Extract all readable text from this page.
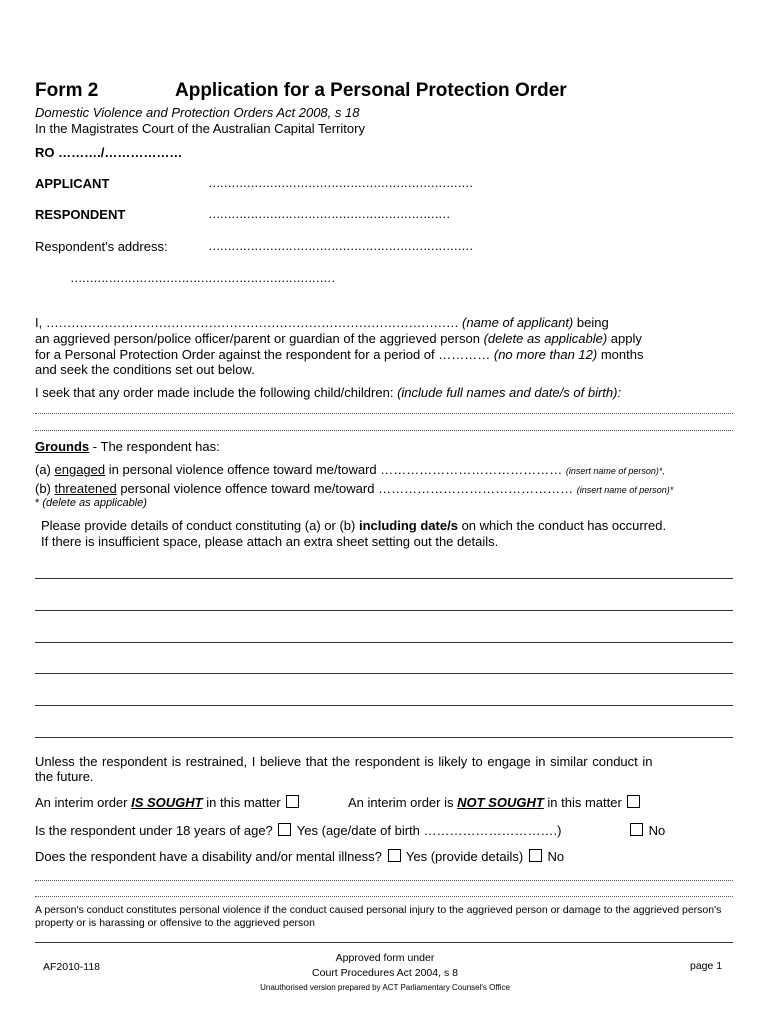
Form 2	Application for a Personal Protection Order
Domestic Violence and Protection Orders Act 2008, s 18
In the Magistrates Court of the Australian Capital Territory
RO ………./………………
APPLICANT	……………………………………………………………
RESPONDENT	………………………………………………………
Respondent's address:	……………………………………………………………
……………………………………………………………
I, ……………………………………………………………………………………… (name of applicant) being
an aggrieved person/police officer/parent or guardian of the aggrieved person (delete as applicable) apply
for a Personal Protection Order against the respondent for a period of ………… (no more than 12) months
and seek the conditions set out below.
I seek that any order made include the following child/children: (include full names and date/s of birth):
Grounds - The respondent has:
(a) engaged in personal violence offence toward me/toward …………………………………… (insert name of person)*,
(b) threatened personal violence offence toward me/toward ……………………………………… (insert name of person)*
* (delete as applicable)
Please provide details of conduct constituting (a) or (b) including date/s on which the conduct has occurred.
If there is insufficient space, please attach an extra sheet setting out the details.
Unless the respondent is restrained, I believe that the respondent is likely to engage in similar conduct in
the future.
An interim order IS SOUGHT in this matter	An interim order is NOT SOUGHT in this matter
Is the respondent under 18 years of age? Yes (age/date of birth ………………………….)	No
Does the respondent have a disability and/or mental illness? Yes (provide details) No
A person's conduct constitutes personal violence if the conduct caused personal injury to the aggrieved person or damage to the aggrieved person's property or is harassing or offensive to the aggrieved person
AF2010-118
Approved form under
Court Procedures Act 2004, s 8
page 1
Unauthorised version prepared by ACT Parliamentary Counsel's Office
